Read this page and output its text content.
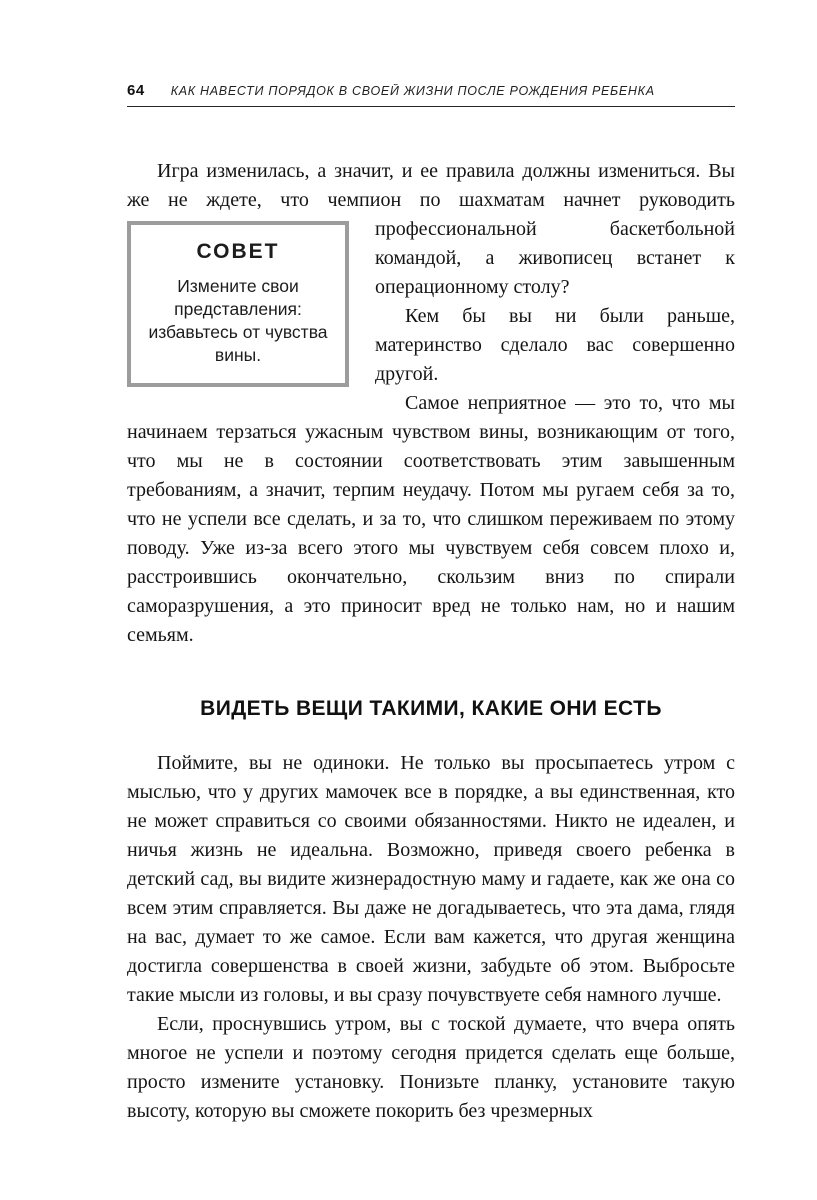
64 КАК НАВЕСТИ ПОРЯДОК В СВОЕЙ ЖИЗНИ ПОСЛЕ РОЖДЕНИЯ РЕБЕНКА

Игра изменилась, а значит, и ее правила должны измениться. Вы же не ждете, что чемпион по шахматам начнет руководить
СОВЕТ
Измените свои представления: избавьтесь от чувства вины.
профессиональной баскетбольной командой, а живописец встанет к операционному столу?

Кем бы вы ни были раньше, материнство сделало вас совершенно другой.

Самое неприятное — это то, что мы начинаем терзаться ужасным чувством вины, возникающим от того, что мы не в состоянии соответствовать этим завышенным требованиям, а значит, терпим неудачу. Потом мы ругаем себя за то, что не успели все сделать, и за то, что слишком переживаем по этому поводу. Уже из-за всего этого мы чувствуем себя совсем плохо и, расстроившись окончательно, скользим вниз по спирали саморазрушения, а это приносит вред не только нам, но и нашим семьям.

ВИДЕТЬ ВЕЩИ ТАКИМИ, КАКИЕ ОНИ ЕСТЬ

Поймите, вы не одиноки. Не только вы просыпаетесь утром с мыслью, что у других мамочек все в порядке, а вы единственная, кто не может справиться со своими обязанностями. Никто не идеален, и ничья жизнь не идеальна. Возможно, приведя своего ребенка в детский сад, вы видите жизнерадостную маму и гадаете, как же она со всем этим справляется. Вы даже не догадываетесь, что эта дама, глядя на вас, думает то же самое. Если вам кажется, что другая женщина достигла совершенства в своей жизни, забудьте об этом. Выбросьте такие мысли из головы, и вы сразу почувствуете себя намного лучше.

Если, проснувшись утром, вы с тоской думаете, что вчера опять многое не успели и поэтому сегодня придется сделать еще больше, просто измените установку. Понизьте планку, установите такую высоту, которую вы сможете покорить без чрезмерных
